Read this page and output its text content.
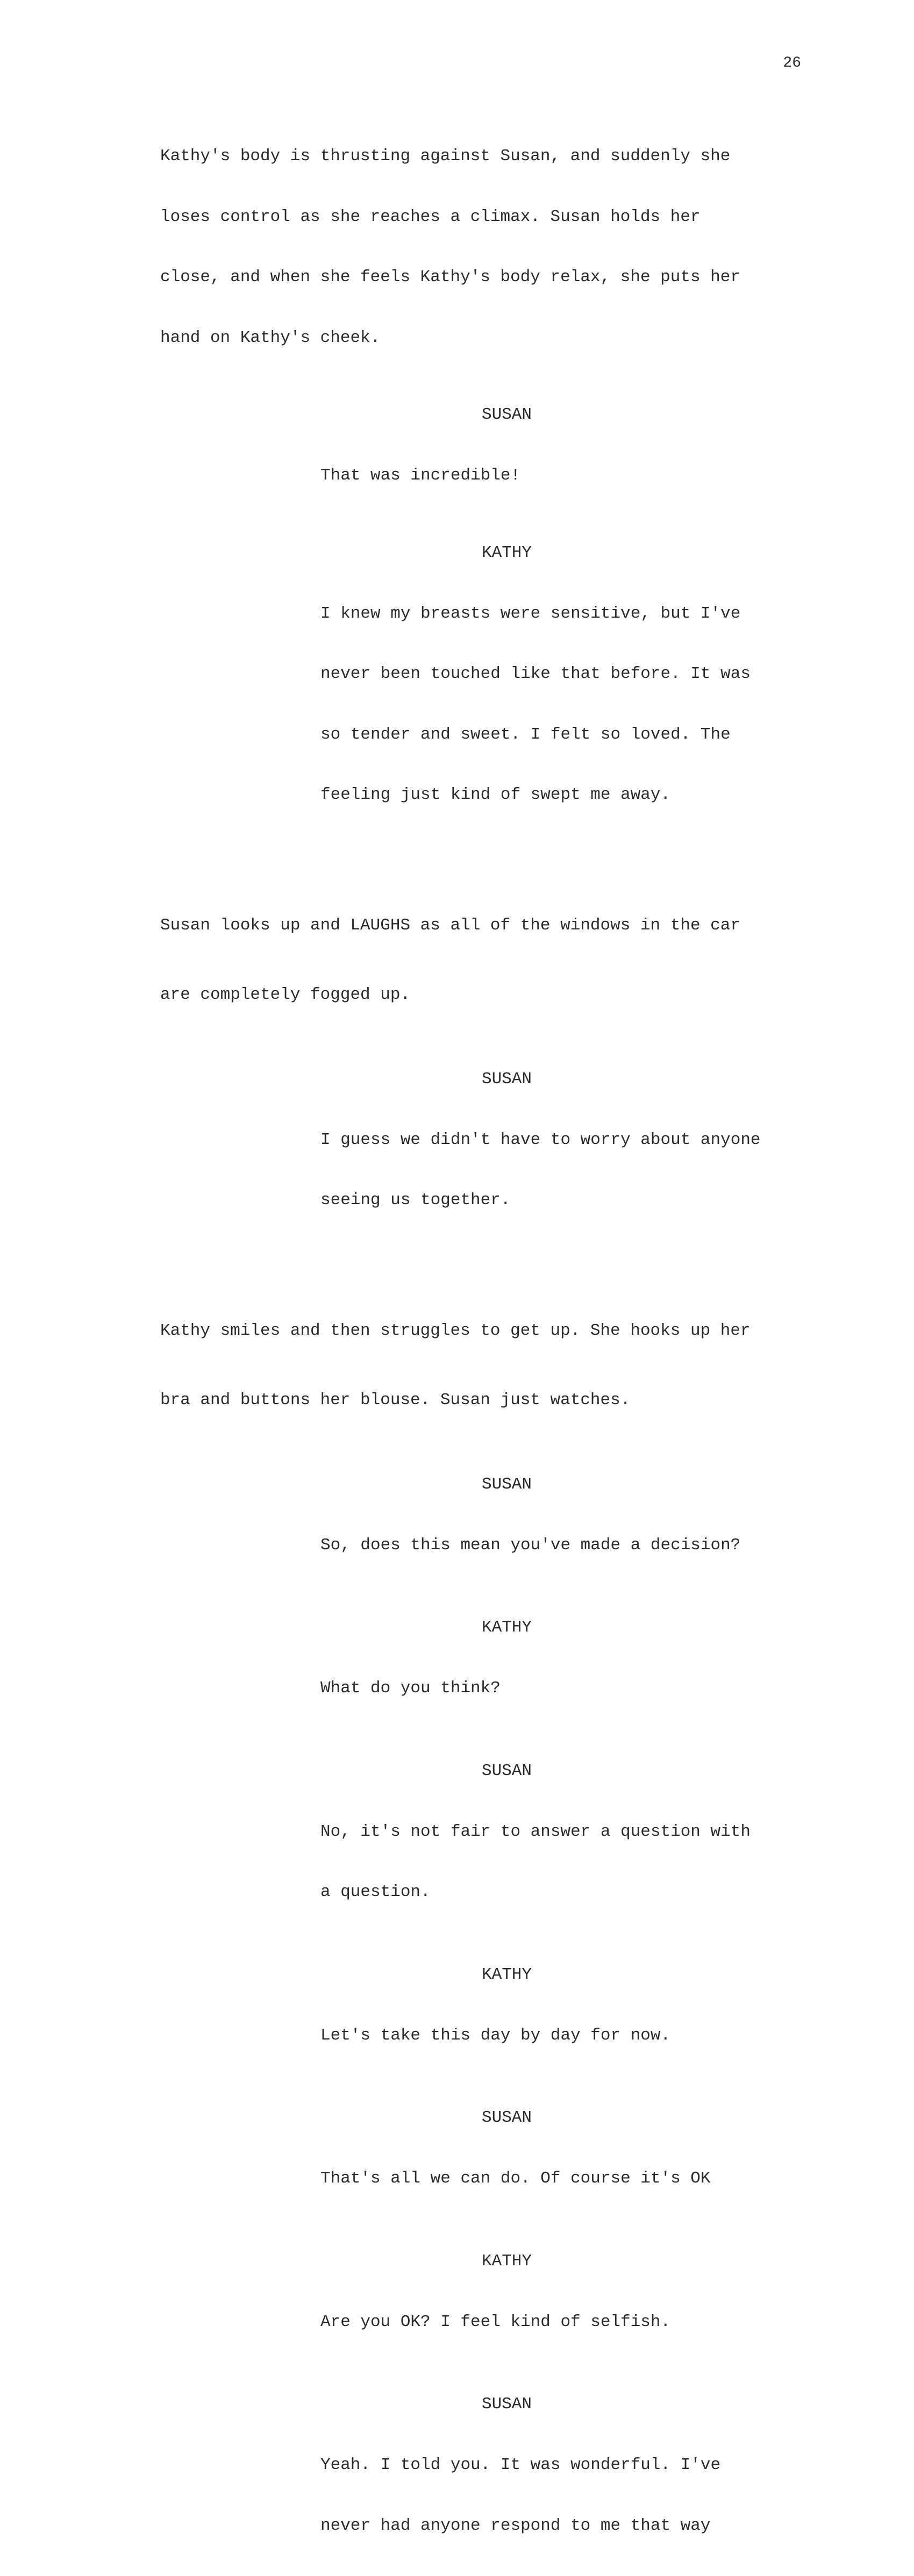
26

Kathy's body is thrusting against Susan, and suddenly she

loses control as she reaches a climax. Susan holds her

close, and when she feels Kathy's body relax, she puts her

hand on Kathy's cheek.

SUSAN

That was incredible!

KATHY

I knew my breasts were sensitive, but I've

never been touched like that before. It was

so tender and sweet. I felt so loved. The

feeling just kind of swept me away.

Susan looks up and LAUGHS as all of the windows in the car

are completely fogged up.

SUSAN

I guess we didn't have to worry about anyone

seeing us together.

Kathy smiles and then struggles to get up. She hooks up her

bra and buttons her blouse. Susan just watches.

SUSAN

So, does this mean you've made a decision?

KATHY

What do you think?

SUSAN

No, it's not fair to answer a question with

a question.

KATHY

Let's take this day by day for now.

SUSAN

That's all we can do. Of course it's OK

KATHY

Are you OK? I feel kind of selfish.

SUSAN

Yeah. I told you. It was wonderful. I've

never had anyone respond to me that way
